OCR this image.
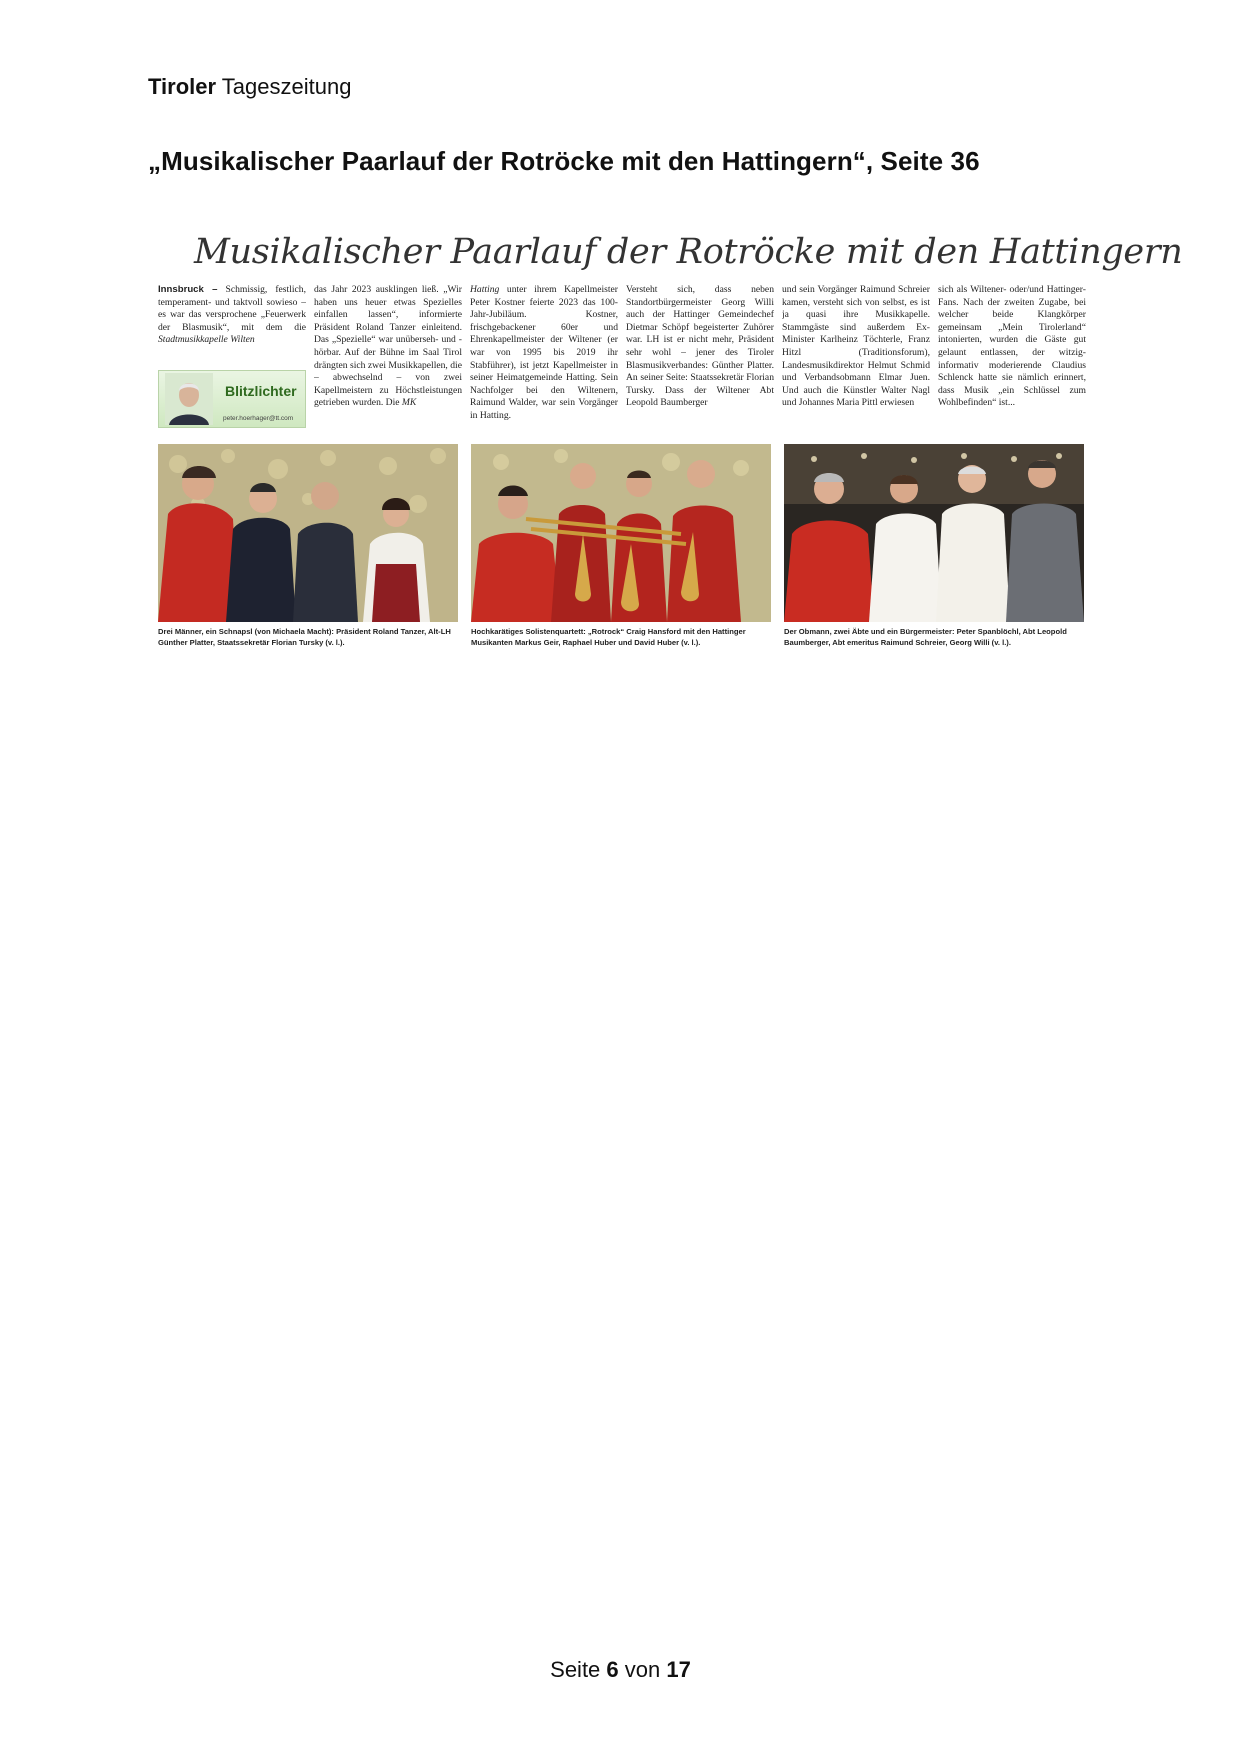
Tiroler Tageszeitung
„Musikalischer Paarlauf der Rotröcke mit den Hattingern“, Seite 36
Musikalischer Paarlauf der Rotröcke mit den Hattingern
Innsbruck – Schmissig, festlich, temperament- und taktvoll sowieso – es war das versprochene „Feuerwerk der Blasmusik“, mit dem die Stadtmusikkapelle Wilten
Blitzlichter
peter.hoerhager@tt.com
das Jahr 2023 ausklingen ließ. „Wir haben uns heuer etwas Spezielles einfallen lassen“, informierte Präsident Roland Tanzer einleitend. Das „Spezielle“ war unüberseh- und -hörbar. Auf der Bühne im Saal Tirol drängten sich zwei Musikkapellen, die – abwechselnd – von zwei Kapellmeistern zu Höchstleistungen getrieben wurden. Die MK
Hatting unter ihrem Kapellmeister Peter Kostner feierte 2023 das 100-Jahr-Jubiläum. Kostner, frischgebackener 60er und Ehrenkapellmeister der Wiltener (er war von 1995 bis 2019 ihr Stabführer), ist jetzt Kapellmeister in seiner Heimatgemeinde Hatting. Sein Nachfolger bei den Wiltenern, Raimund Walder, war sein Vorgänger in Hatting.
Versteht sich, dass neben Standortbürgermeister Georg Willi auch der Hattinger Gemeindechef Dietmar Schöpf begeisterter Zuhörer war. LH ist er nicht mehr, Präsident sehr wohl – jener des Tiroler Blasmusikverbandes: Günther Platter. An seiner Seite: Staatssekretär Florian Tursky. Dass der Wiltener Abt Leopold Baumberger
und sein Vorgänger Raimund Schreier kamen, versteht sich von selbst, es ist ja quasi ihre Musikkapelle. Stammgäste sind außerdem Ex-Minister Karlheinz Töchterle, Franz Hitzl (Traditionsforum), Landesmusikdirektor Helmut Schmid und Verbandsobmann Elmar Juen. Und auch die Künstler Walter Nagl und Johannes Maria Pittl erwiesen
sich als Wiltener- oder/und Hattinger-Fans. Nach der zweiten Zugabe, bei welcher beide Klangkörper gemeinsam „Mein Tirolerland“ intonierten, wurden die Gäste gut gelaunt entlassen, der witzig-informativ moderierende Claudius Schlenck hatte sie nämlich erinnert, dass Musik „ein Schlüssel zum Wohlbefinden“ ist...
Drei Männer, ein Schnapsl (von Michaela Macht): Präsident Roland Tanzer, Alt-LH Günther Platter, Staatssekretär Florian Tursky (v. l.).
Hochkarätiges Solistenquartett: „Rotrock“ Craig Hansford mit den Hattinger Musikanten Markus Geir, Raphael Huber und David Huber (v. l.).
Der Obmann, zwei Äbte und ein Bürgermeister: Peter Spanblöchl, Abt Leopold Baumberger, Abt emeritus Raimund Schreier, Georg Willi (v. l.).
Seite 6 von 17
